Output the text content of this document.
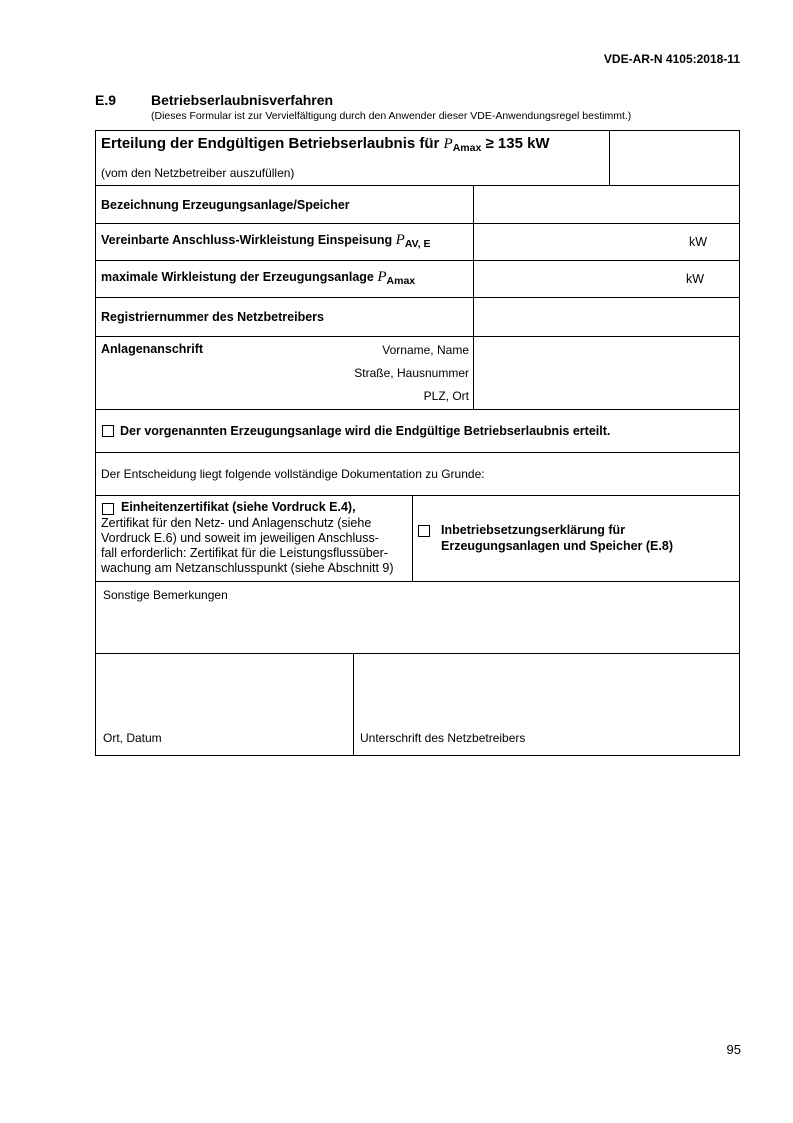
VDE-AR-N 4105:2018-11
E.9 Betriebserlaubnisverfahren
(Dieses Formular ist zur Vervielfältigung durch den Anwender dieser VDE-Anwendungsregel bestimmt.)
Erteilung der Endgültigen Betriebserlaubnis für $P_{Amax} \ge 135$ kW
(vom den Netzbetreiber auszufüllen)
Bezeichnung Erzeugungsanlage/Speicher
Vereinbarte Anschluss-Wirkleistung Einspeisung $P_{AV, E}$	kW
maximale Wirkleistung der Erzeugungsanlage $P_{Amax}$	kW
Registriernummer des Netzbetreibers
Anlagenanschrift	Vorname, Name
Straße, Hausnummer
PLZ, Ort
Der vorgenannten Erzeugungsanlage wird die Endgültige Betriebserlaubnis erteilt.
Der Entscheidung liegt folgende vollständige Dokumentation zu Grunde:
Einheitenzertifikat (siehe Vordruck E.4),
Zertifikat für den Netz- und Anlagenschutz (siehe
Vordruck E.6) und soweit im jeweiligen Anschluss-
fall erforderlich: Zertifikat für die Leistungsflussüber-
wachung am Netzanschlusspunkt (siehe Abschnitt 9)
Inbetriebsetzungserklärung für
Erzeugungsanlagen und Speicher (E.8)
Sonstige Bemerkungen
Ort, Datum	Unterschrift des Netzbetreibers
95
